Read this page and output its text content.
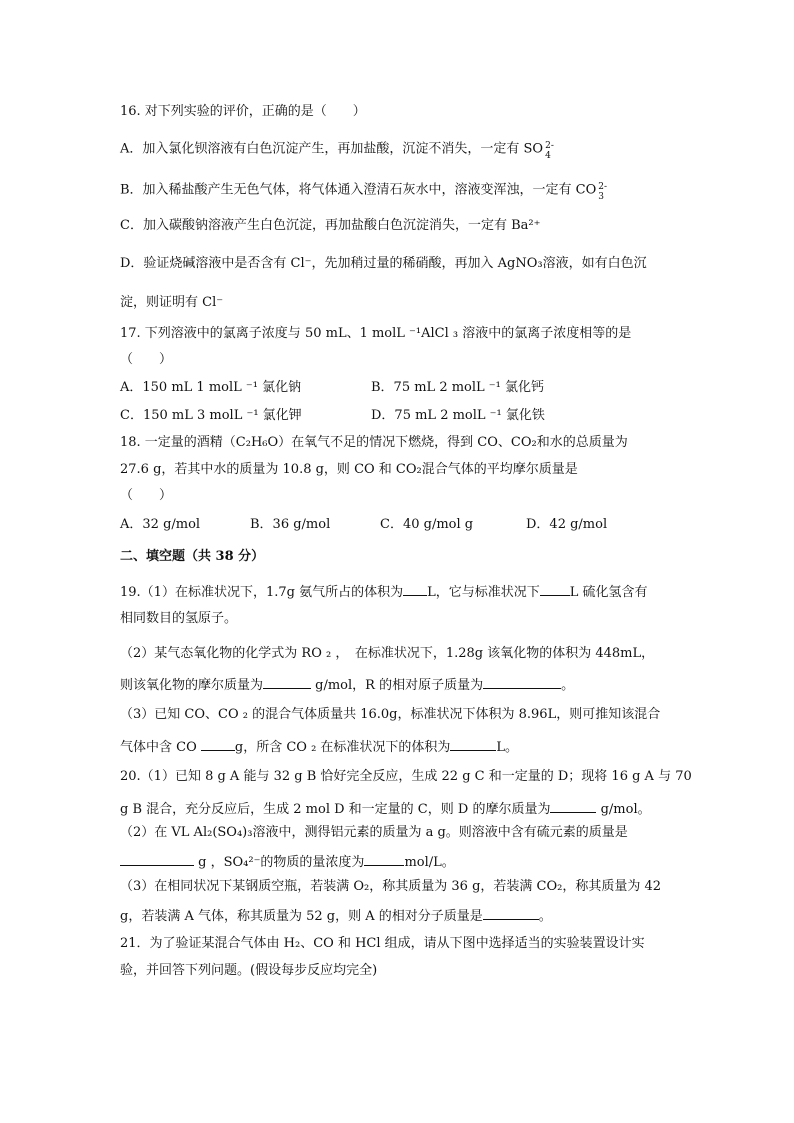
16. 对下列实验的评价，正确的是（　　）
A．加入氯化钡溶液有白色沉淀产生，再加盐酸，沉淀不消失，一定有 SO 2-
4
B．加入稀盐酸产生无色气体，将气体通入澄清石灰水中，溶液变浑浊，一定有 CO 2-
3
C．加入碳酸钠溶液产生白色沉淀，再加盐酸白色沉淀消失，一定有 Ba²⁺
D．验证烧碱溶液中是否含有 Cl⁻，先加稍过量的稀硝酸，再加入 AgNO₃溶液，如有白色沉
淀，则证明有 Cl⁻
17. 下列溶液中的氯离子浓度与 50 mL、1 molL ⁻¹AlCl ₃ 溶液中的氯离子浓度相等的是
（　　）
A．150 mL 1 molL ⁻¹ 氯化钠	B．75 mL 2 molL ⁻¹ 氯化钙
C．150 mL 3 molL ⁻¹ 氯化钾	D．75 mL 2 molL ⁻¹ 氯化铁
18. 一定量的酒精（C₂H₆O）在氧气不足的情况下燃烧，得到 CO、CO₂和水的总质量为
27.6 g，若其中水的质量为 10.8 g，则 CO 和 CO₂混合气体的平均摩尔质量是
（　　）
A．32 g/mol	B．36 g/mol	C．40 g/mol g	D．42 g/mol
二、填空题（共 38 分）
19.（1）在标准状况下，1.7g 氨气所占的体积为 L，它与标准状况下 L 硫化氢含有
相同数目的氢原子。
（2）某气态氧化物的化学式为 RO ₂ ，　在标准状况下，1.28g 该氧化物的体积为 448mL，
则该氧化物的摩尔质量为	g/mol，R 的相对原子质量为	。
（3）已知 CO、CO ₂ 的混合气体质量共 16.0g，标准状况下体积为 8.96L，则可推知该混合
气体中含 CO	g，所含 CO ₂ 在标准状况下的体积为	L。
20.（1）已知 8 g A 能与 32 g B 恰好完全反应，生成 22 g C 和一定量的 D；现将 16 g A 与 70
g B 混合，充分反应后，生成 2 mol D 和一定量的 C，则 D 的摩尔质量为	g/mol。
（2）在 VL Al₂(SO₄)₃溶液中，测得铝元素的质量为 a g。则溶液中含有硫元素的质量是
g ，SO₄²⁻的物质的量浓度为	mol/L。
（3）在相同状况下某钢质空瓶，若装满 O₂，称其质量为 36 g，若装满 CO₂，称其质量为 42
g，若装满 A 气体，称其质量为 52 g，则 A 的相对分子质量是	。
21．为了验证某混合气体由 H₂、CO 和 HCl 组成，请从下图中选择适当的实验装置设计实
验，并回答下列问题。(假设每步反应均完全)
